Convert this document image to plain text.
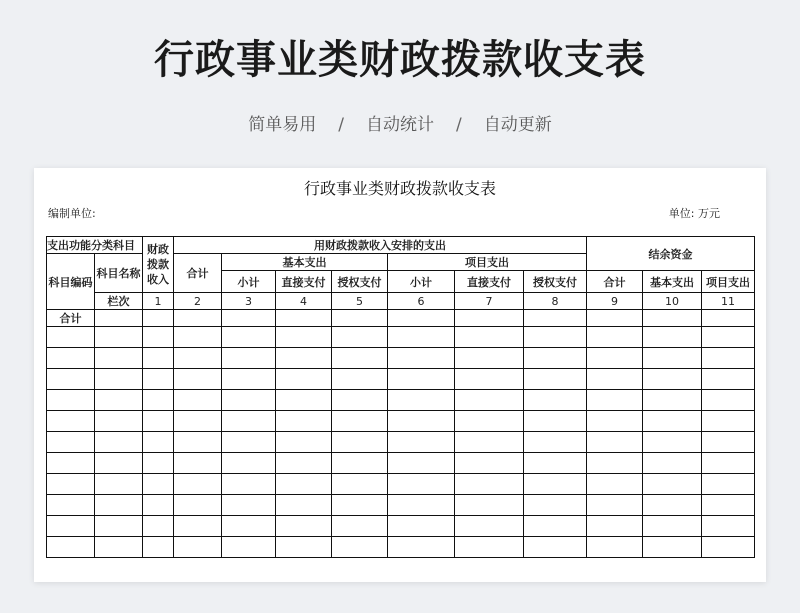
行政事业类财政拨款收支表
简单易用 / 自动统计 / 自动更新
行政事业类财政拨款收支表
编制单位:	单位: 万元
支出功能分类科目		财政拨款收入	用财政拨款收入安排的支出							结余资金		
科目编码	科目名称		合计	基本支出			项目支出					

				小计	直接支付	授权支付	小计	直接支付	授权支付	合计	基本支出	项目支出
	栏次	1	2	3	4	5	6	7	8	9	10	11
合计												
